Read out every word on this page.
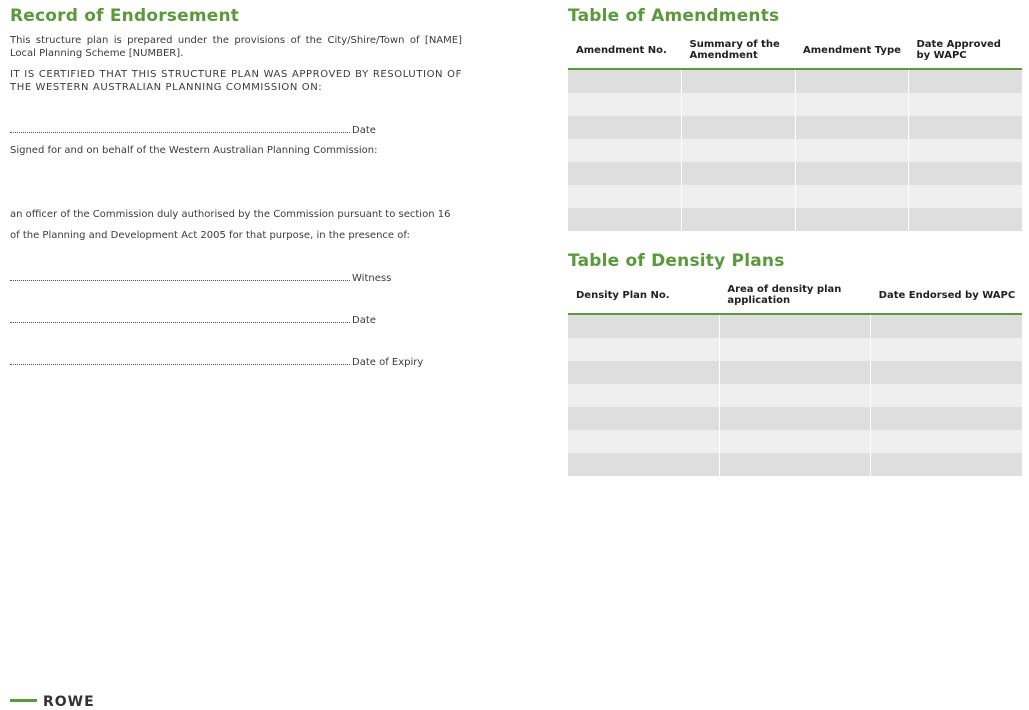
Record of Endorsement
This structure plan is prepared under the provisions of the City/Shire/Town of [NAME] Local Planning Scheme [NUMBER].
IT IS CERTIFIED THAT THIS STRUCTURE PLAN WAS APPROVED BY RESOLUTION OF THE WESTERN AUSTRALIAN PLANNING COMMISSION ON:
Date
Signed for and on behalf of the Western Australian Planning Commission:
an officer of the Commission duly authorised by the Commission pursuant to section 16
of the Planning and Development Act 2005 for that purpose, in the presence of:
Witness
Date
Date of Expiry
Table of Amendments
Amendment No.	Summary of the Amendment	Amendment Type	Date Approved by WAPC

Table of Density Plans
Density Plan No.	Area of density plan application	Date Endorsed by WAPC

ROWE
